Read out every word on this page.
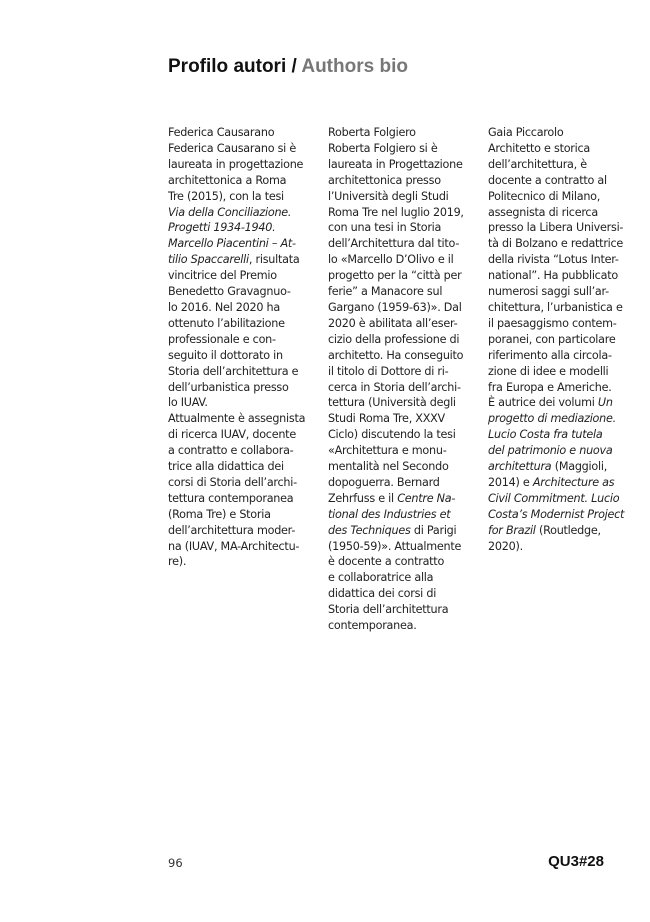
Profilo autori / Authors bio
Federica Causarano
Federica Causarano si è
laureata in progettazione
architettonica a Roma
Tre (2015), con la tesi
Via della Conciliazione.
Progetti 1934-1940.
Marcello Piacentini – At-
tilio Spaccarelli, risultata
vincitrice del Premio
Benedetto Gravagnuo-
lo 2016. Nel 2020 ha
ottenuto l’abilitazione
professionale e con-
seguito il dottorato in
Storia dell’architettura e
dell’urbanistica presso
lo IUAV.
Attualmente è assegnista
di ricerca IUAV, docente
a contratto e collabora-
trice alla didattica dei
corsi di Storia dell’archi-
tettura contemporanea
(Roma Tre) e Storia
dell’architettura moder-
na (IUAV, MA-Architectu-
re).
Roberta Folgiero
Roberta Folgiero si è
laureata in Progettazione
architettonica presso
l’Università degli Studi
Roma Tre nel luglio 2019,
con una tesi in Storia
dell’Architettura dal tito-
lo «Marcello D’Olivo e il
progetto per la “città per
ferie” a Manacore sul
Gargano (1959-63)». Dal
2020 è abilitata all’eser-
cizio della professione di
architetto. Ha conseguito
il titolo di Dottore di ri-
cerca in Storia dell’archi-
tettura (Università degli
Studi Roma Tre, XXXV
Ciclo) discutendo la tesi
«Architettura e monu-
mentalità nel Secondo
dopoguerra. Bernard
Zehrfuss e il Centre Na-
tional des Industries et
des Techniques di Parigi
(1950-59)». Attualmente
è docente a contratto
e collaboratrice alla
didattica dei corsi di
Storia dell’architettura
contemporanea.
Gaia Piccarolo
Architetto e storica
dell’architettura, è
docente a contratto al
Politecnico di Milano,
assegnista di ricerca
presso la Libera Universi-
tà di Bolzano e redattrice
della rivista “Lotus Inter-
national”. Ha pubblicato
numerosi saggi sull’ar-
chitettura, l’urbanistica e
il paesaggismo contem-
poranei, con particolare
riferimento alla circola-
zione di idee e modelli
fra Europa e Americhe.
È autrice dei volumi Un
progetto di mediazione.
Lucio Costa fra tutela
del patrimonio e nuova
architettura (Maggioli,
2014) e Architecture as
Civil Commitment. Lucio
Costa’s Modernist Project
for Brazil (Routledge,
2020).
96	QU3#28
